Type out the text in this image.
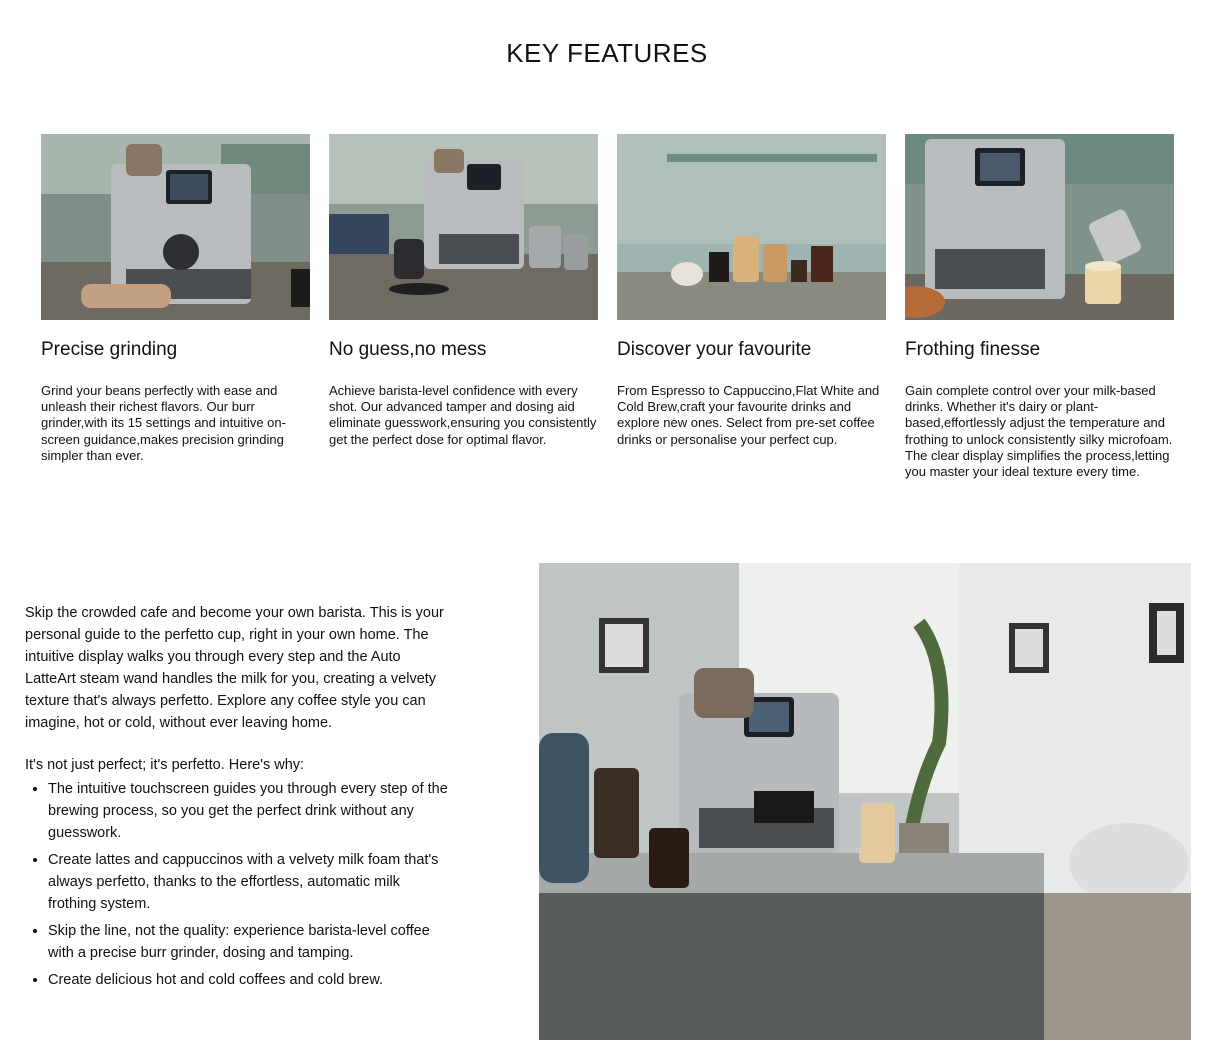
KEY FEATURES
Precise grinding

Grind your beans perfectly with ease and unleash their richest flavors. Our burr grinder,with its 15 settings and intuitive on-screen guidance,makes precision grinding simpler than ever.

No guess,no mess

Achieve barista-level confidence with every shot. Our advanced tamper and dosing aid eliminate guesswork,ensuring you consistently get the perfect dose for optimal flavor.

Discover your favourite

From Espresso to Cappuccino,Flat White and Cold Brew,craft your favourite drinks and explore new ones. Select from pre-set coffee drinks or personalise your perfect cup.

Frothing finesse

Gain complete control over your milk-based drinks. Whether it's dairy or plant-based,effortlessly adjust the temperature and frothing to unlock consistently silky microfoam. The clear display simplifies the process,letting you master your ideal texture every time.

Skip the crowded cafe and become your own barista. This is your personal guide to the perfetto cup, right in your own home. The intuitive display walks you through every step and the Auto LatteArt steam wand handles the milk for you, creating a velvety texture that's always perfetto. Explore any coffee style you can imagine, hot or cold, without ever leaving home.

It's not just perfect; it's perfetto. Here's why:

• The intuitive touchscreen guides you through every step of the brewing process, so you get the perfect drink without any guesswork.
• Create lattes and cappuccinos with a velvety milk foam that's always perfetto, thanks to the effortless, automatic milk frothing system.
• Skip the line, not the quality: experience barista-level coffee with a precise burr grinder, dosing and tamping.
• Create delicious hot and cold coffees and cold brew.
